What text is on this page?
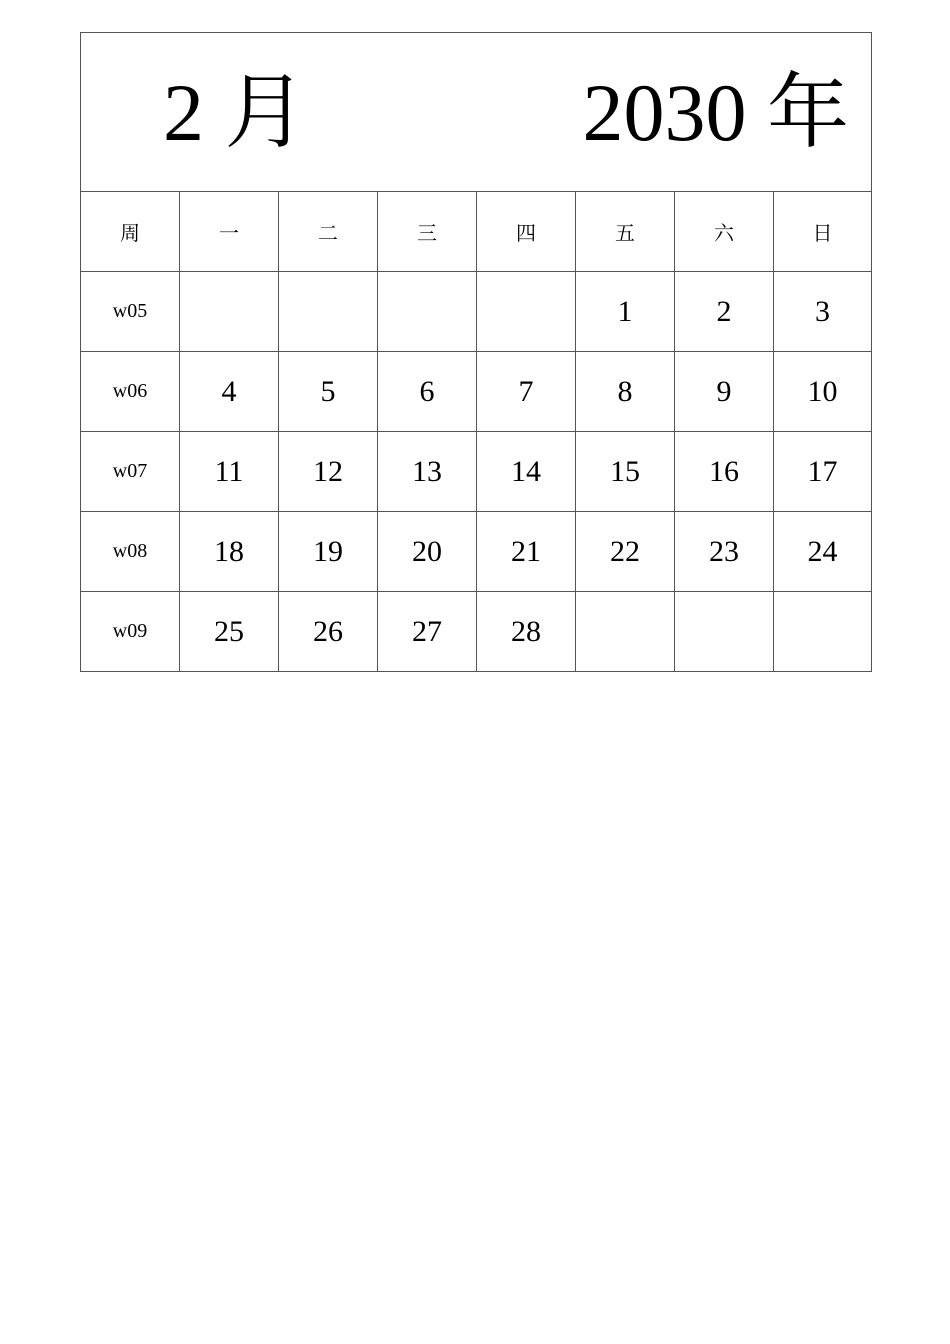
2 月 2030 年							

周	一	二	三	四	五	六	日
w05					1	2	3
w06	4	5	6	7	8	9	10
w07	11	12	13	14	15	16	17
w08	18	19	20	21	22	23	24
w09	25	26	27	28			
